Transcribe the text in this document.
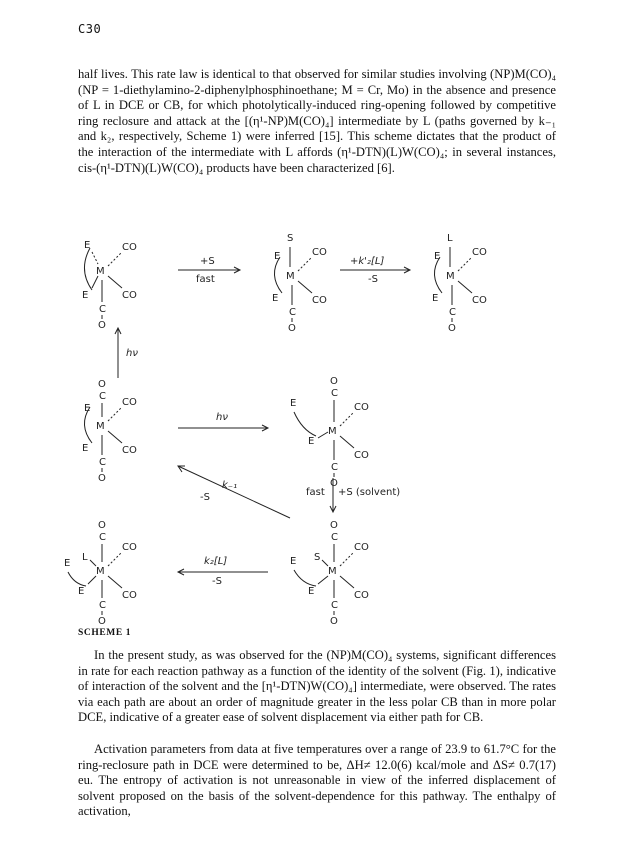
C30

half lives. This rate law is identical to that observed for similar studies involving (NP)M(CO)₄ (NP = 1-diethylamino-2-diphenylphosphinoethane; M = Cr, Mo) in the absence and presence of L in DCE or CB, for which photolytically-induced ring-opening followed by competitive ring reclosure and attack at the [(η¹-NP)M(CO)₄] intermediate by L (paths governed by k₋₁ and k₂, respectively, Scheme 1) were inferred [15]. This scheme dictates that the product of the interaction of the intermediate with L affords (η¹-DTN)(L)W(CO)₄; in several instances, cis-(η¹-DTN)(L)W(CO)₄ products have been characterized [6].

E
E
M
CO
CO
C
O
+S
fast
S
E
E
M
CO
CO
C
O
+k'₂[L]
-S
L
E
E
M
CO
CO
C
O
hν
O
C
E
E
M
CO
CO
C
O
hν
O
C
E
E
M
CO
CO
C
O
k₋₁
-S	fast +S (solvent)
O
C
S
E
E
M
CO
CO
C
O
k₂[L]
-S
O
C
L
E
E
M
CO
CO
C
O
SCHEME 1

In the present study, as was observed for the (NP)M(CO)₄ systems, significant differences in rate for each reaction pathway as a function of the identity of the solvent (Fig. 1), indicative of interaction of the solvent and the [η¹-DTN)W(CO)₄] intermediate, were observed. The rates via each path are about an order of magnitude greater in the less polar CB than in more polar DCE, indicative of a greater ease of solvent displacement via either path for CB.

Activation parameters from data at five temperatures over a range of 23.9 to 61.7°C for the ring-reclosure path in DCE were determined to be, ΔH≠ 12.0(6) kcal/mole and ΔS≠ 0.7(17) eu. The entropy of activation is not unreasonable in view of the inferred displacement of solvent proposed on the basis of the solvent-dependence for this pathway. The enthalpy of activation,
